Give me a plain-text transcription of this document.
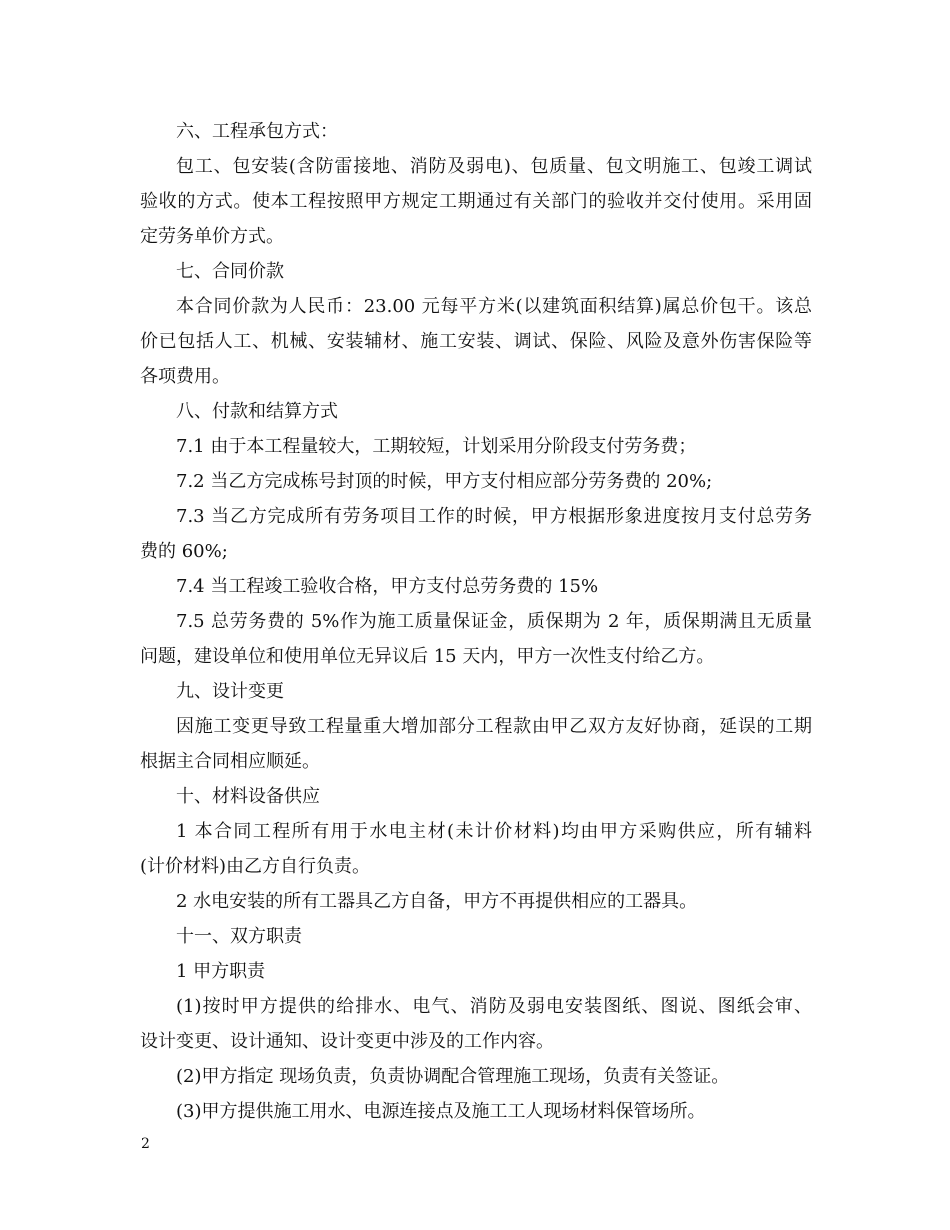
六、工程承包方式：

包工、包安装(含防雷接地、消防及弱电)、包质量、包文明施工、包竣工调试

验收的方式。使本工程按照甲方规定工期通过有关部门的验收并交付使用。采用固

定劳务单价方式。

七、合同价款

本合同价款为人民币：23.00 元每平方米(以建筑面积结算)属总价包干。该总

价已包括人工、机械、安装辅材、施工安装、调试、保险、风险及意外伤害保险等

各项费用。

八、付款和结算方式

7.1 由于本工程量较大，工期较短，计划采用分阶段支付劳务费；

7.2 当乙方完成栋号封顶的时候，甲方支付相应部分劳务费的 20%;

7.3 当乙方完成所有劳务项目工作的时候，甲方根据形象进度按月支付总劳务

费的 60%;

7.4 当工程竣工验收合格，甲方支付总劳务费的 15%

7.5 总劳务费的 5%作为施工质量保证金，质保期为 2 年，质保期满且无质量

问题，建设单位和使用单位无异议后 15 天内，甲方一次性支付给乙方。

九、设计变更

因施工变更导致工程量重大增加部分工程款由甲乙双方友好协商，延误的工期

根据主合同相应顺延。

十、材料设备供应

1 本合同工程所有用于水电主材(未计价材料)均由甲方采购供应，所有辅料

(计价材料)由乙方自行负责。

2 水电安装的所有工器具乙方自备，甲方不再提供相应的工器具。

十一、双方职责

1 甲方职责

(1)按时甲方提供的给排水、电气、消防及弱电安装图纸、图说、图纸会审、

设计变更、设计通知、设计变更中涉及的工作内容。

(2)甲方指定 现场负责，负责协调配合管理施工现场，负责有关签证。

(3)甲方提供施工用水、电源连接点及施工工人现场材料保管场所。

2
